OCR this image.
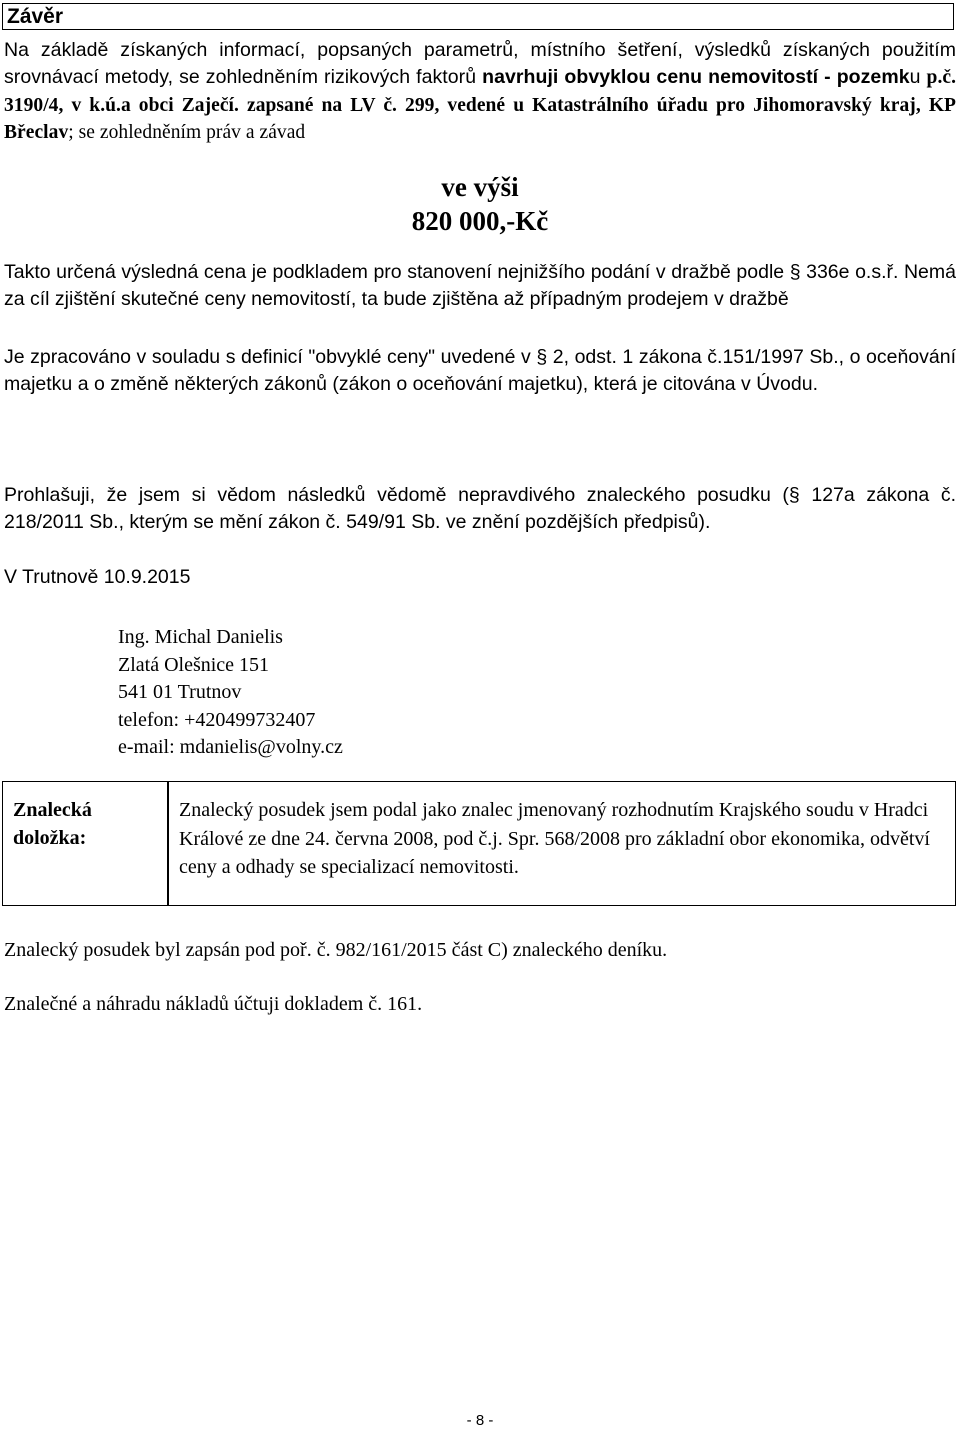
Závěr
Na základě získaných informací, popsaných parametrů, místního šetření, výsledků získaných použitím srovnávací metody, se zohledněním rizikových faktorů navrhuji obvyklou cenu nemovitostí - pozemku p.č. 3190/4, v k.ú.a obci Zaječí. zapsané na LV č. 299, vedené u Katastrálního úřadu pro Jihomoravský kraj, KP Břeclav; se zohledněním práv a závad
ve výši
820 000,-Kč
Takto určená výsledná cena je podkladem pro stanovení nejnižšího podání v dražbě podle § 336e o.s.ř. Nemá za cíl zjištění skutečné ceny nemovitostí, ta bude zjištěna až případným prodejem v dražbě
Je zpracováno v souladu s definicí "obvyklé ceny" uvedené v § 2, odst. 1 zákona č.151/1997 Sb., o oceňování majetku a o změně některých zákonů (zákon o oceňování majetku), která je citována v Úvodu.
Prohlašuji, že jsem si vědom následků vědomě nepravdivého znaleckého posudku (§ 127a zákona č. 218/2011 Sb., kterým se mění zákon č. 549/91 Sb. ve znění pozdějších předpisů).
V Trutnově 10.9.2015
Ing. Michal Danielis
Zlatá Olešnice 151
541 01 Trutnov
telefon: +420499732407
e-mail: mdanielis@volny.cz
Znalecká
doložka:
Znalecký posudek jsem podal jako znalec jmenovaný rozhodnutím Krajského soudu v Hradci Králové ze dne 24. června 2008, pod č.j. Spr. 568/2008 pro základní obor ekonomika, odvětví ceny a odhady se specializací nemovitosti.
Znalecký posudek byl zapsán pod poř. č. 982/161/2015 část C) znaleckého deníku.
Znalečné a náhradu nákladů účtuji dokladem č. 161.
- 8 -
